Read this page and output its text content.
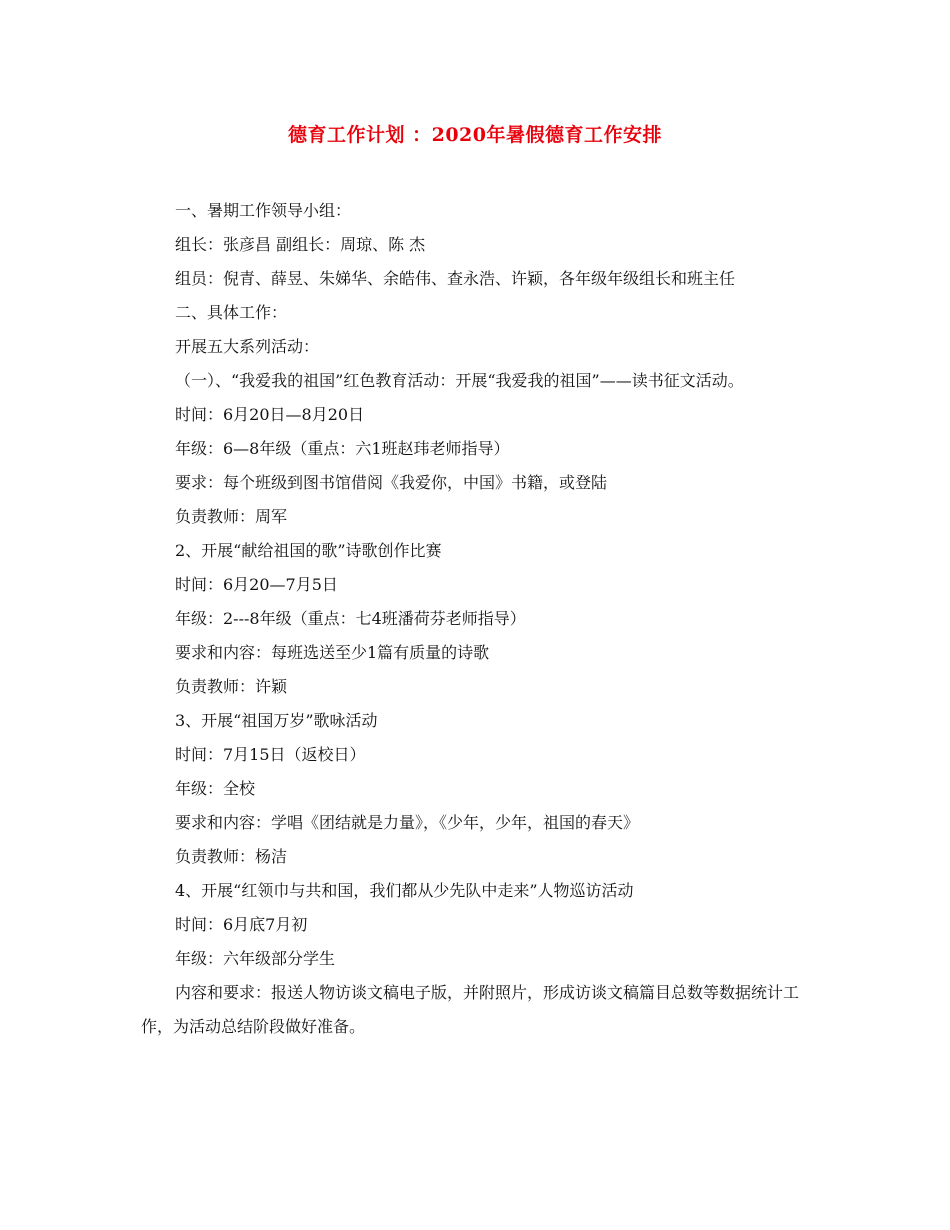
德育工作计划 ：2020年暑假德育工作安排

一、暑期工作领导小组：

组长：张彦昌 副组长：周琼、陈 杰

组员：倪青、薛昱、朱娣华、余皓伟、查永浩、许颖，各年级年级组长和班主任

二、具体工作：

开展五大系列活动：

（一）、“我爱我的祖国”红色教育活动：开展“我爱我的祖国”——读书征文活动。

时间：6月20日—8月20日

年级：6—8年级（重点：六1班赵玮老师指导）

要求：每个班级到图书馆借阅《我爱你，中国》书籍，或登陆

负责教师：周军

2、开展“献给祖国的歌”诗歌创作比赛

时间：6月20—7月5日

年级：2---8年级（重点：七4班潘荷芬老师指导）

要求和内容：每班选送至少1篇有质量的诗歌

负责教师：许颖

3、开展“祖国万岁”歌咏活动

时间：7月15日（返校日）

年级：全校

要求和内容：学唱《团结就是力量》，《少年，少年，祖国的春天》

负责教师：杨洁

4、开展“红领巾与共和国，我们都从少先队中走来”人物巡访活动

时间：6月底7月初

年级：六年级部分学生

内容和要求：报送人物访谈文稿电子版，并附照片，形成访谈文稿篇目总数等数据统计工作，为活动总结阶段做好准备。
